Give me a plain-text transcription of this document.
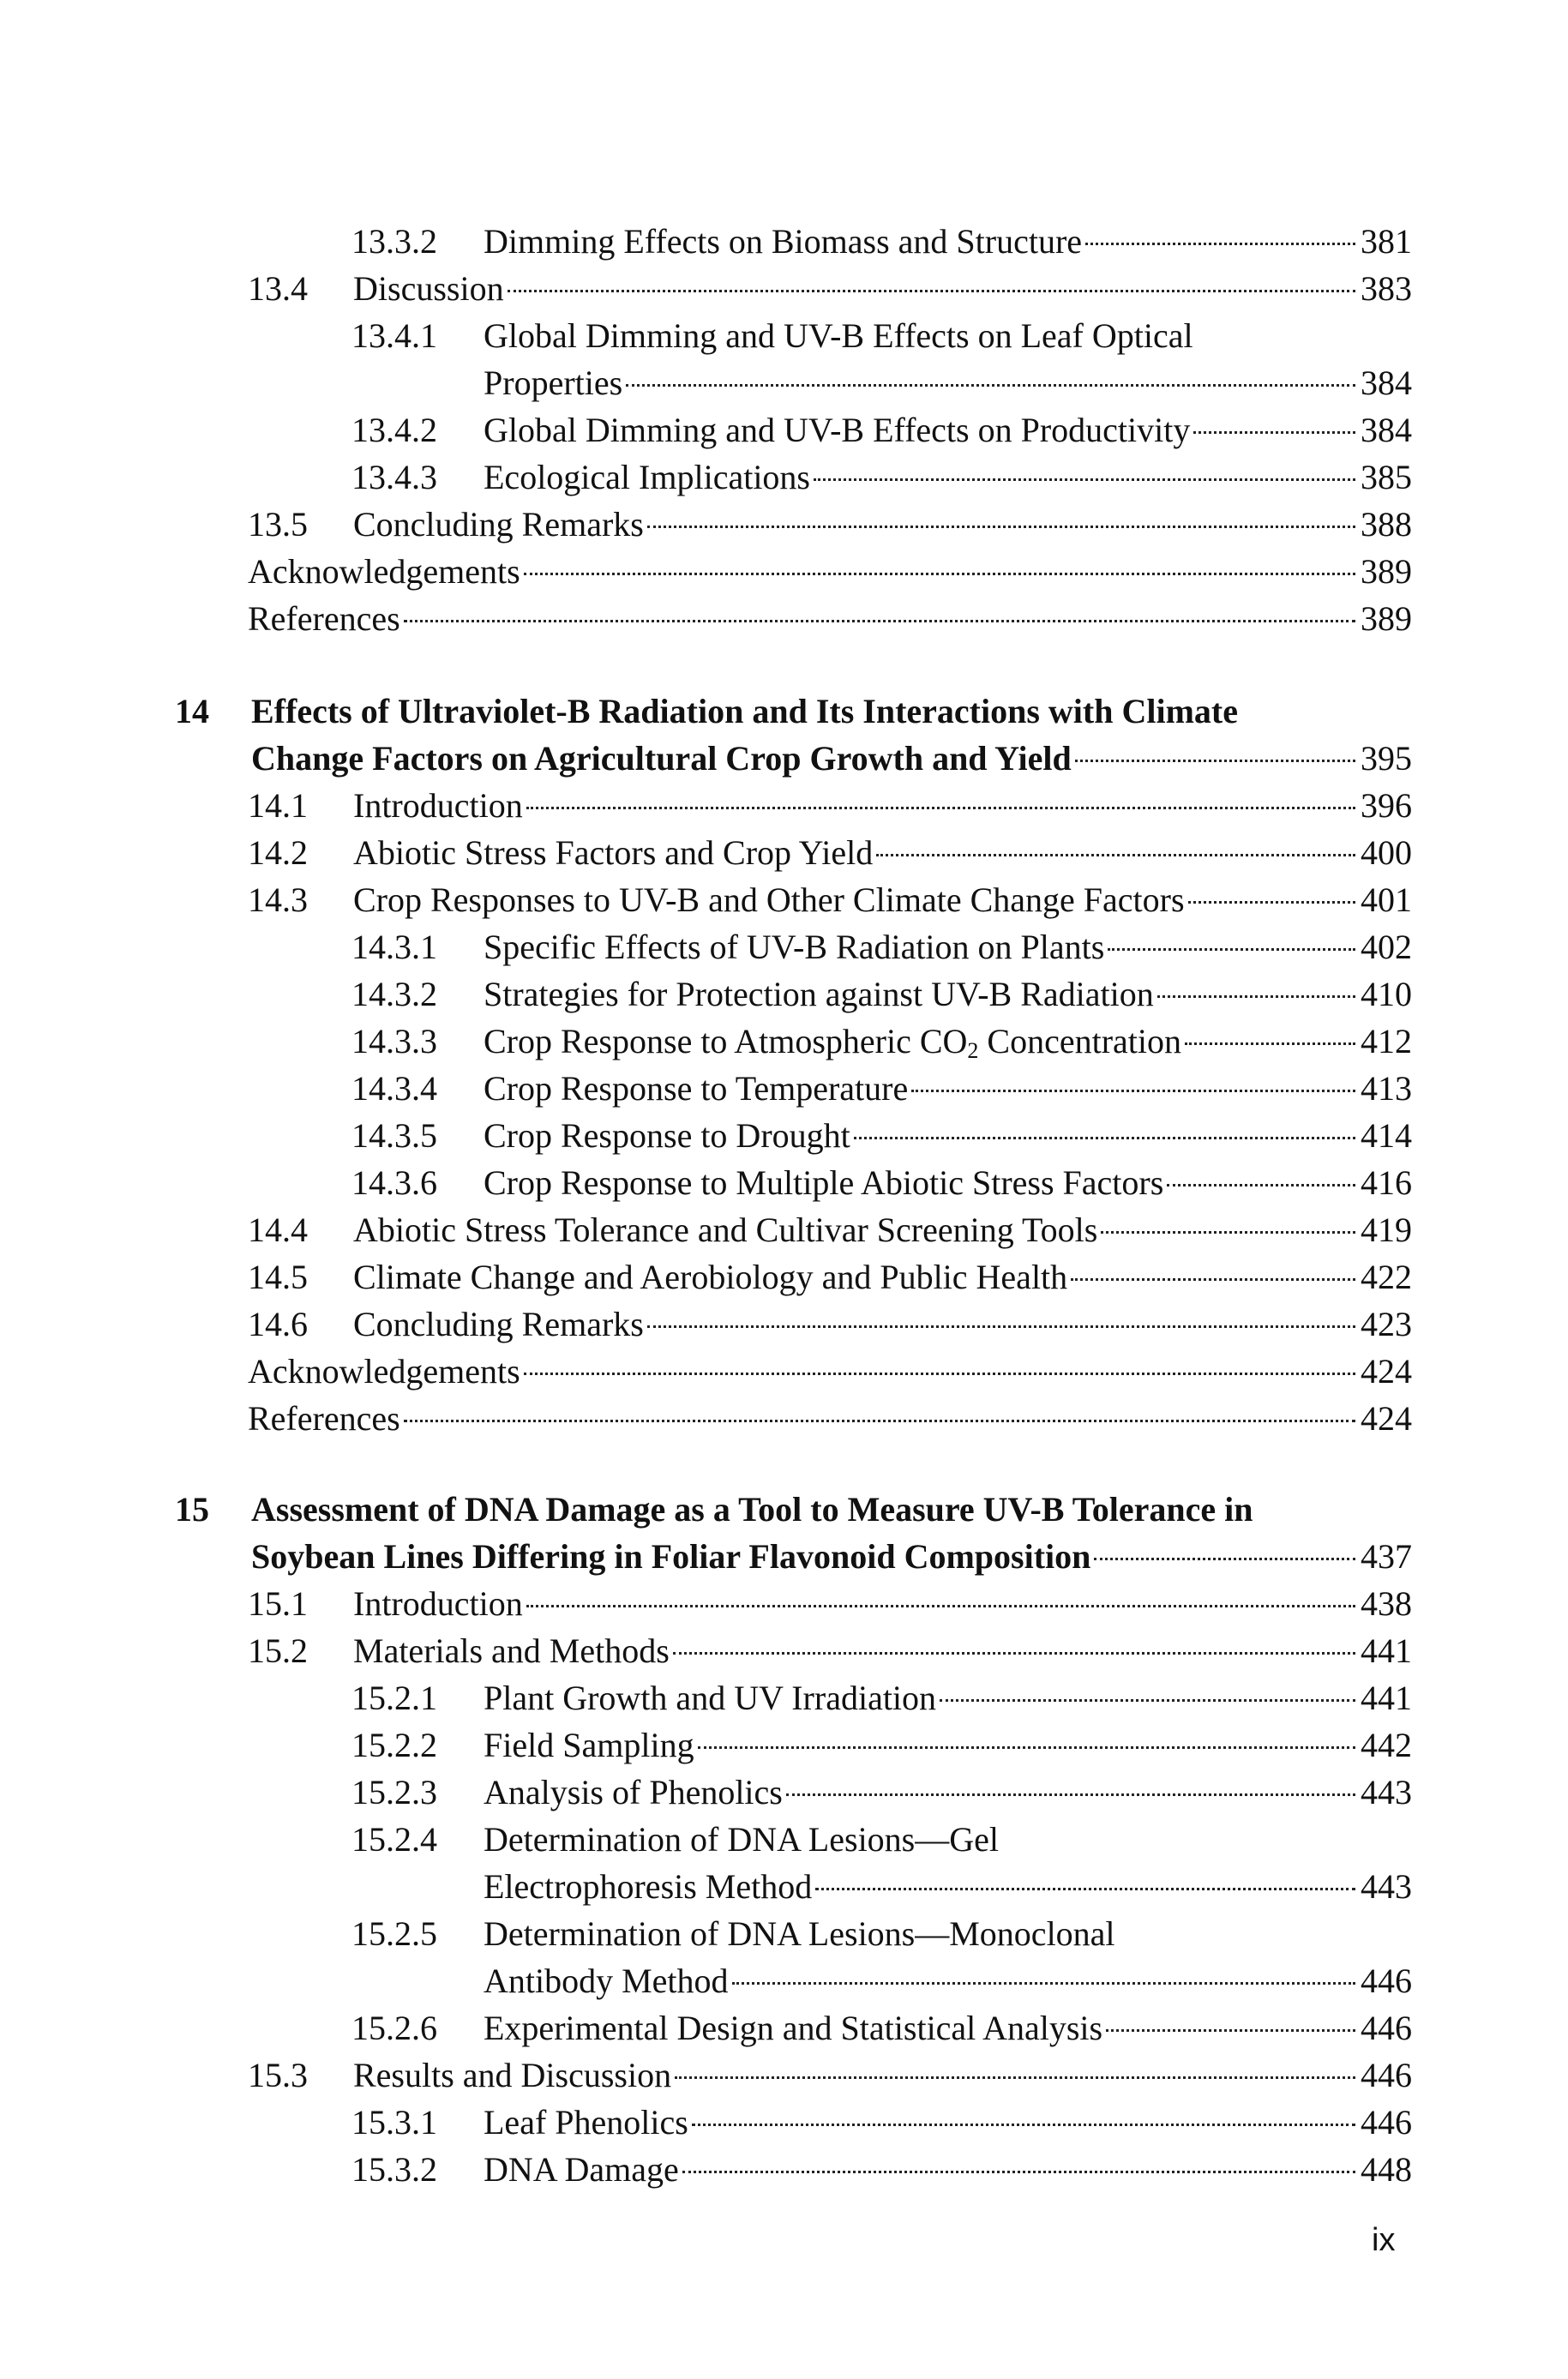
13.3.2 Dimming Effects on Biomass and Structure	381
13.4 Discussion	383
13.4.1 Global Dimming and UV-B Effects on Leaf Optical
Properties	384
13.4.2 Global Dimming and UV-B Effects on Productivity	384
13.4.3 Ecological Implications	385
13.5 Concluding Remarks	388
Acknowledgements	389
References	389
14 Effects of Ultraviolet-B Radiation and Its Interactions with Climate
Change Factors on Agricultural Crop Growth and Yield	395
14.1 Introduction	396
14.2 Abiotic Stress Factors and Crop Yield	400
14.3 Crop Responses to UV-B and Other Climate Change Factors	401
14.3.1 Specific Effects of UV-B Radiation on Plants	402
14.3.2 Strategies for Protection against UV-B Radiation	410
14.3.3 Crop Response to Atmospheric $CO_2$ Concentration	412
14.3.4 Crop Response to Temperature	413
14.3.5 Crop Response to Drought	414
14.3.6 Crop Response to Multiple Abiotic Stress Factors	416
14.4 Abiotic Stress Tolerance and Cultivar Screening Tools	419
14.5 Climate Change and Aerobiology and Public Health	422
14.6 Concluding Remarks	423
Acknowledgements	424
References	424
15 Assessment of DNA Damage as a Tool to Measure UV-B Tolerance in
Soybean Lines Differing in Foliar Flavonoid Composition	437
15.1 Introduction	438
15.2 Materials and Methods	441
15.2.1 Plant Growth and UV Irradiation	441
15.2.2 Field Sampling	442
15.2.3 Analysis of Phenolics	443
15.2.4 Determination of DNA Lesions—Gel
Electrophoresis Method	443
15.2.5 Determination of DNA Lesions—Monoclonal
Antibody Method	446
15.2.6 Experimental Design and Statistical Analysis	446
15.3 Results and Discussion	446
15.3.1 Leaf Phenolics	446
15.3.2 DNA Damage	448
ix
